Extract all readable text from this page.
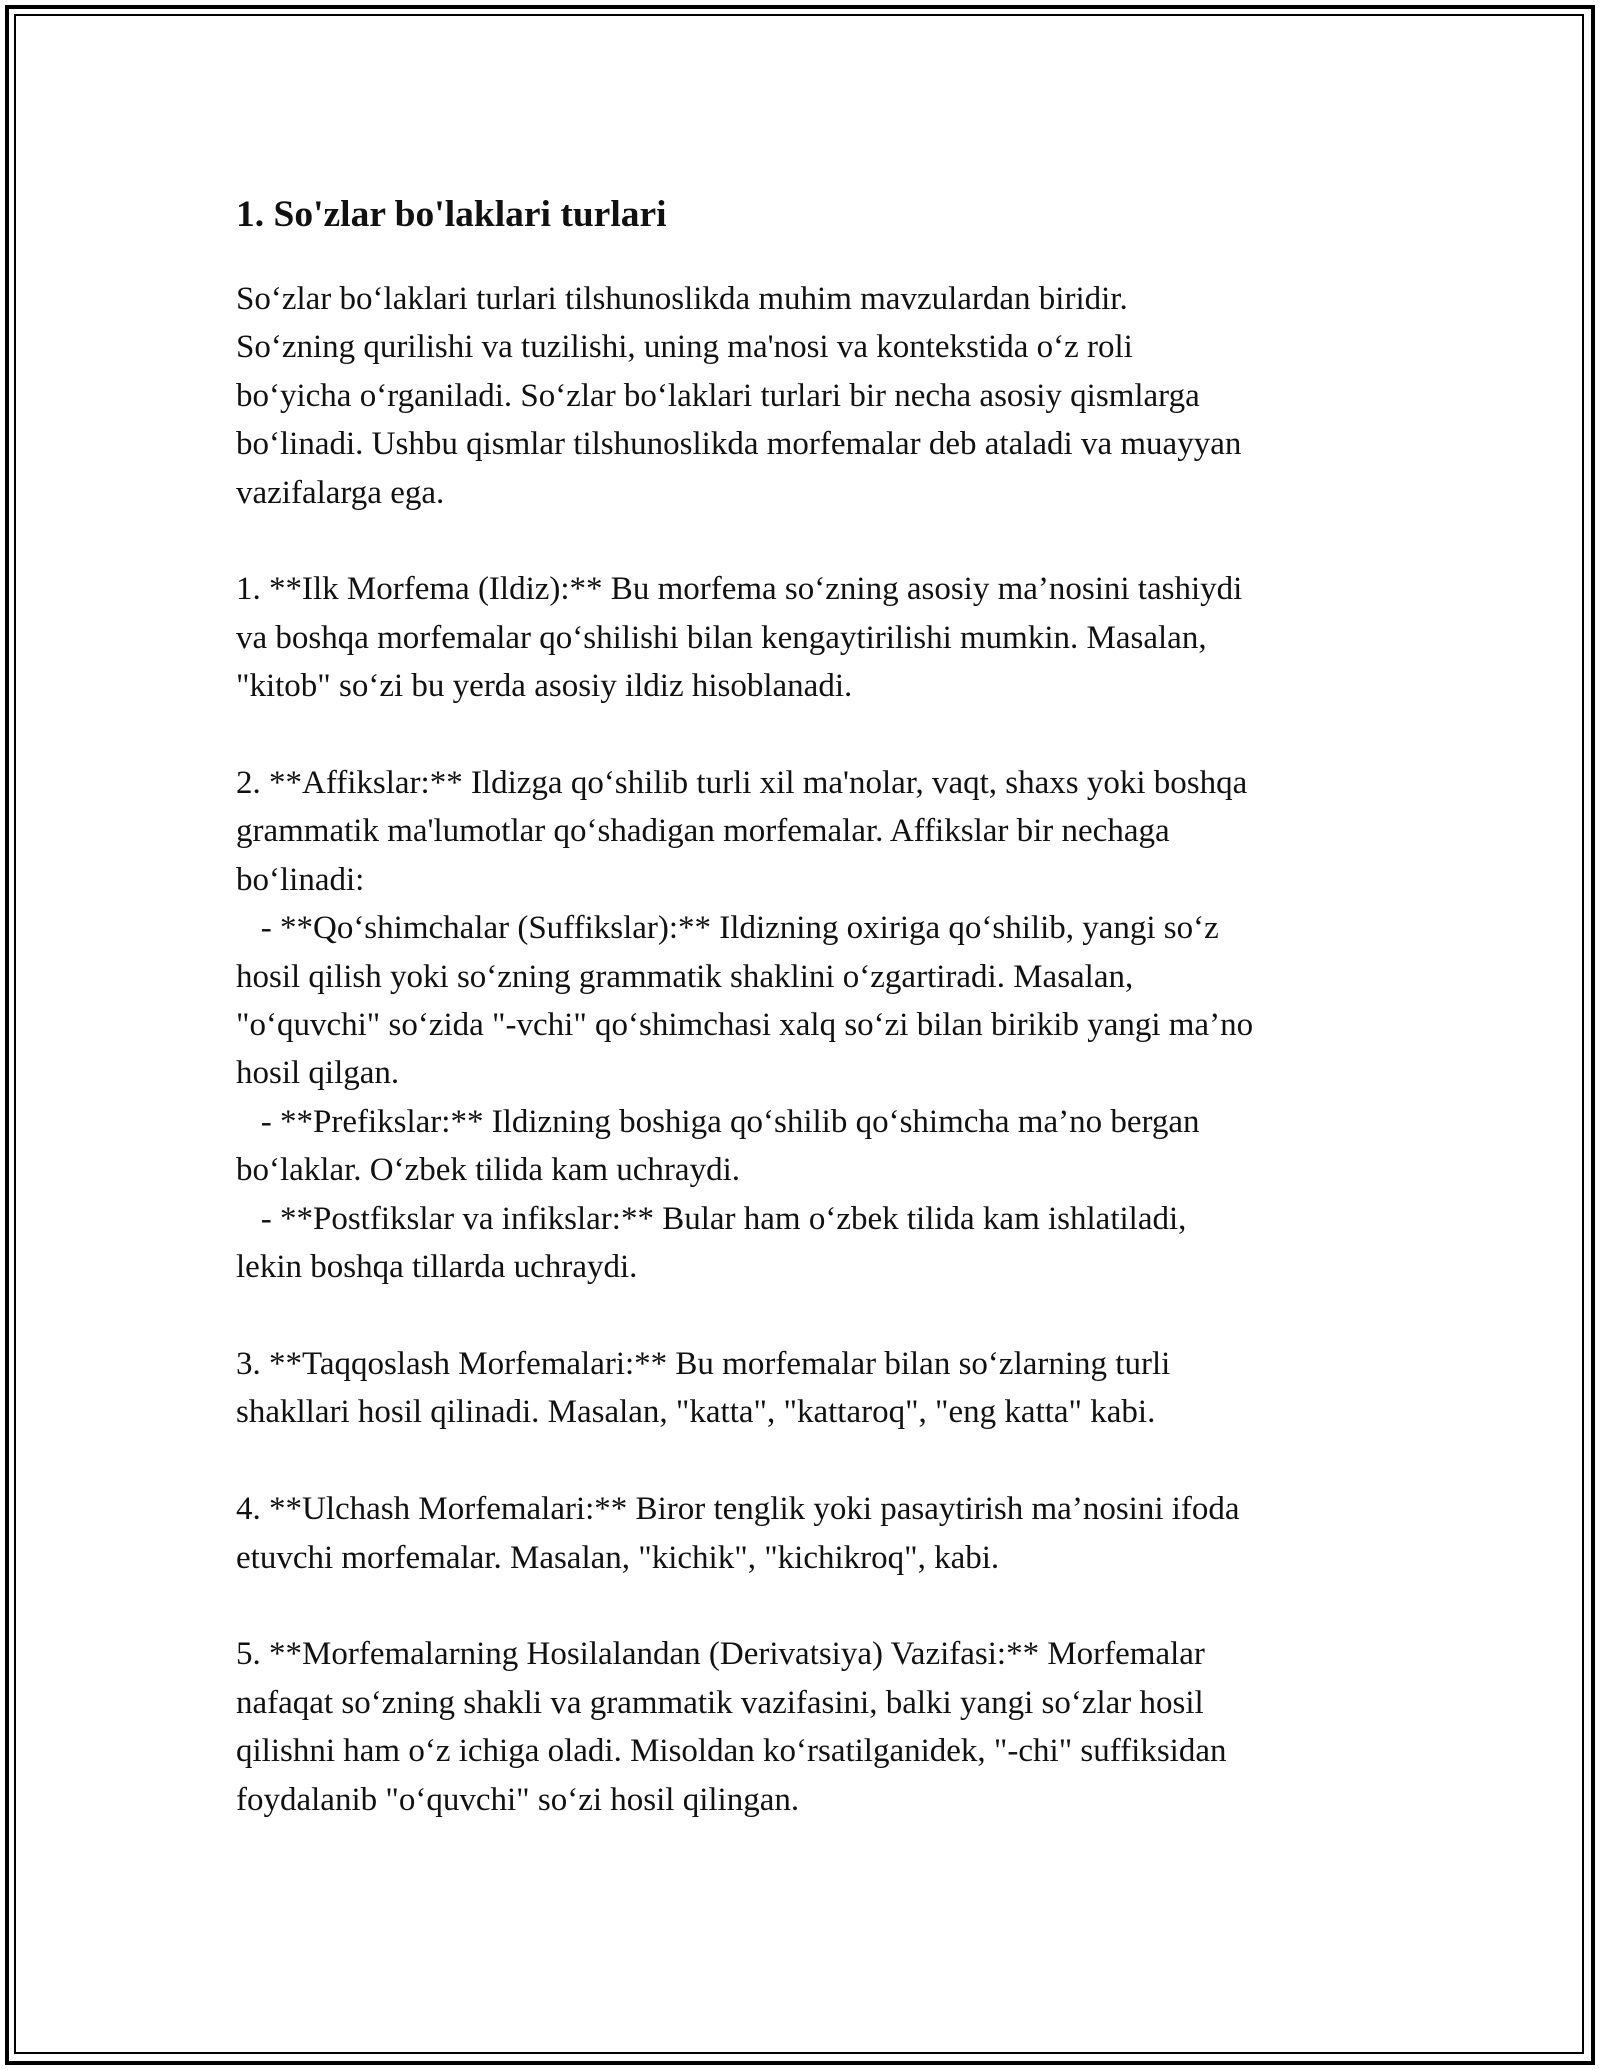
1. So'zlar bo'laklari turlari
So‘zlar bo‘laklari turlari tilshunoslikda muhim mavzulardan biridir.
So‘zning qurilishi va tuzilishi, uning ma'nosi va kontekstida o‘z roli
bo‘yicha o‘rganiladi. So‘zlar bo‘laklari turlari bir necha asosiy qismlarga
bo‘linadi. Ushbu qismlar tilshunoslikda morfemalar deb ataladi va muayyan
vazifalarga ega.
1. **Ilk Morfema (Ildiz):** Bu morfema so‘zning asosiy ma’nosini tashiydi
va boshqa morfemalar qo‘shilishi bilan kengaytirilishi mumkin. Masalan,
"kitob" so‘zi bu yerda asosiy ildiz hisoblanadi.
2. **Affikslar:** Ildizga qo‘shilib turli xil ma'nolar, vaqt, shaxs yoki boshqa
grammatik ma'lumotlar qo‘shadigan morfemalar. Affikslar bir nechaga
bo‘linadi:
- **Qo‘shimchalar (Suffikslar):** Ildizning oxiriga qo‘shilib, yangi so‘z
hosil qilish yoki so‘zning grammatik shaklini o‘zgartiradi. Masalan,
"o‘quvchi" so‘zida "-vchi" qo‘shimchasi xalq so‘zi bilan birikib yangi ma’no
hosil qilgan.
- **Prefikslar:** Ildizning boshiga qo‘shilib qo‘shimcha ma’no bergan
bo‘laklar. O‘zbek tilida kam uchraydi.
- **Postfikslar va infikslar:** Bular ham o‘zbek tilida kam ishlatiladi,
lekin boshqa tillarda uchraydi.
3. **Taqqoslash Morfemalari:** Bu morfemalar bilan so‘zlarning turli
shakllari hosil qilinadi. Masalan, "katta", "kattaroq", "eng katta" kabi.
4. **Ulchash Morfemalari:** Biror tenglik yoki pasaytirish ma’nosini ifoda
etuvchi morfemalar. Masalan, "kichik", "kichikroq", kabi.
5. **Morfemalarning Hosilalandan (Derivatsiya) Vazifasi:** Morfemalar
nafaqat so‘zning shakli va grammatik vazifasini, balki yangi so‘zlar hosil
qilishni ham o‘z ichiga oladi. Misoldan ko‘rsatilganidek, "-chi" suffiksidan
foydalanib "o‘quvchi" so‘zi hosil qilingan.
